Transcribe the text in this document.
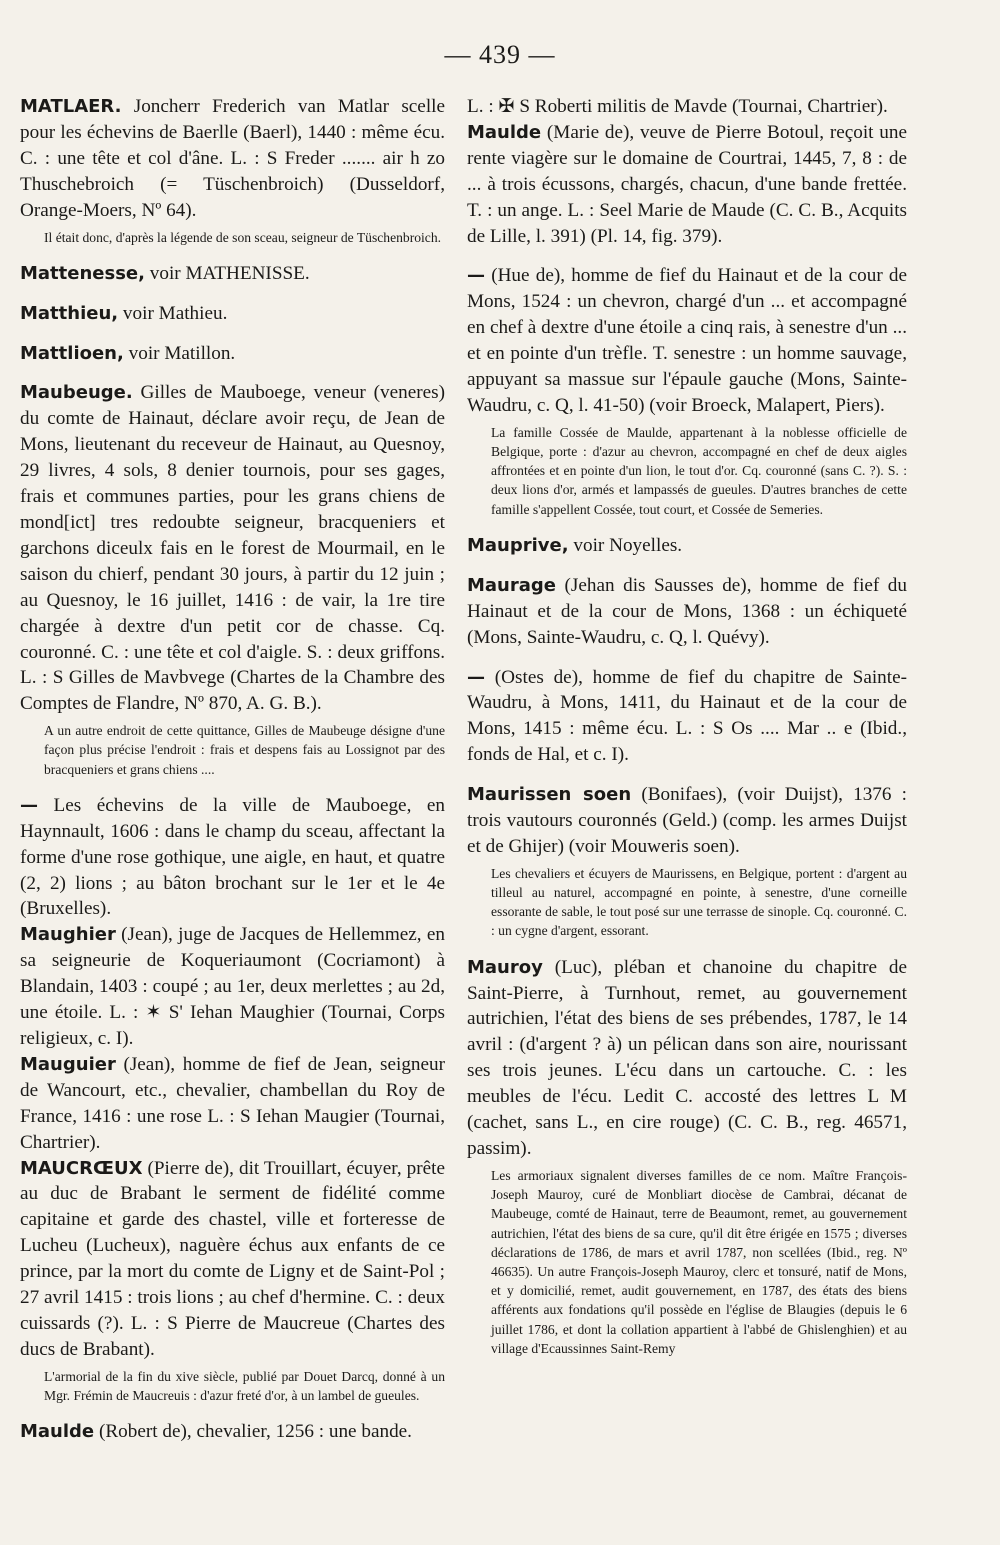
— 439 —

MATLAER. Joncherr Frederich van Matlar scelle pour les échevins de Baerlle (Baerl), 1440 : même écu. C. : une tête et col d'âne. L. : S Freder ....... air h zo Thuschebroich (= Tüschenbroich) (Dusseldorf, Orange-Moers, Nº 64).

Il était donc, d'après la légende de son sceau, seigneur de Tüschenbroich.

Mattenesse, voir MATHENISSE.

Matthieu, voir Mathieu.

Mattlioen, voir Matillon.

Maubeuge. Gilles de Mauboege, veneur (veneres) du comte de Hainaut, déclare avoir reçu, de Jean de Mons, lieutenant du receveur de Hainaut, au Quesnoy, 29 livres, 4 sols, 8 denier tournois, pour ses gages, frais et communes parties, pour les grans chiens de mond[ict] tres redoubte seigneur, bracqueniers et garchons diceulx fais en le forest de Mourmail, en le saison du chierf, pendant 30 jours, à partir du 12 juin ; au Quesnoy, le 16 juillet, 1416 : de vair, la 1re tire chargée à dextre d'un petit cor de chasse. Cq. couronné. C. : une tête et col d'aigle. S. : deux griffons. L. : S Gilles de Mavbvege (Chartes de la Chambre des Comptes de Flandre, Nº 870, A. G. B.).

A un autre endroit de cette quittance, Gilles de Maubeuge désigne d'une façon plus précise l'endroit : frais et despens fais au Lossignot par des bracqueniers et grans chiens ....

— Les échevins de la ville de Mauboege, en Haynnault, 1606 : dans le champ du sceau, affectant la forme d'une rose gothique, une aigle, en haut, et quatre (2, 2) lions ; au bâton brochant sur le 1er et le 4e (Bruxelles).

Maughier (Jean), juge de Jacques de Hellemmez, en sa seigneurie de Koqueriaumont (Cocriamont) à Blandain, 1403 : coupé ; au 1er, deux merlettes ; au 2d, une étoile. L. : ✶ S' Iehan Maughier (Tournai, Corps religieux, c. I).

Mauguier (Jean), homme de fief de Jean, seigneur de Wancourt, etc., chevalier, chambellan du Roy de France, 1416 : une rose L. : S Iehan Maugier (Tournai, Chartrier).

MAUCRŒUX (Pierre de), dit Trouillart, écuyer, prête au duc de Brabant le serment de fidélité comme capitaine et garde des chastel, ville et forteresse de Lucheu (Lucheux), naguère échus aux enfants de ce prince, par la mort du comte de Ligny et de Saint-Pol ; 27 avril 1415 : trois lions ; au chef d'hermine. C. : deux cuissards (?). L. : S Pierre de Maucreue (Chartes des ducs de Brabant).

L'armorial de la fin du xive siècle, publié par Douet Darcq, donné à un Mgr. Frémin de Maucreuis : d'azur freté d'or, à un lambel de gueules.

Maulde (Robert de), chevalier, 1256 : une bande.

L. : ✠ S Roberti militis de Mavde (Tournai, Chartrier).

Maulde (Marie de), veuve de Pierre Botoul, reçoit une rente viagère sur le domaine de Courtrai, 1445, 7, 8 : de ... à trois écussons, chargés, chacun, d'une bande frettée. T. : un ange. L. : Seel Marie de Maude (C. C. B., Acquits de Lille, l. 391) (Pl. 14, fig. 379).

— (Hue de), homme de fief du Hainaut et de la cour de Mons, 1524 : un chevron, chargé d'un ... et accompagné en chef à dextre d'une étoile a cinq rais, à senestre d'un ... et en pointe d'un trèfle. T. senestre : un homme sauvage, appuyant sa massue sur l'épaule gauche (Mons, Sainte-Waudru, c. Q, l. 41-50) (voir Broeck, Malapert, Piers).

La famille Cossée de Maulde, appartenant à la noblesse officielle de Belgique, porte : d'azur au chevron, accompagné en chef de deux aigles affrontées et en pointe d'un lion, le tout d'or. Cq. couronné (sans C. ?). S. : deux lions d'or, armés et lampassés de gueules. D'autres branches de cette famille s'appellent Cossée, tout court, et Cossée de Semeries.

Mauprive, voir Noyelles.

Maurage (Jehan dis Sausses de), homme de fief du Hainaut et de la cour de Mons, 1368 : un échiqueté (Mons, Sainte-Waudru, c. Q, l. Quévy).

— (Ostes de), homme de fief du chapitre de Sainte-Waudru, à Mons, 1411, du Hainaut et de la cour de Mons, 1415 : même écu. L. : S Os .... Mar .. e (Ibid., fonds de Hal, et c. I).

Maurissen soen (Bonifaes), (voir Duijst), 1376 : trois vautours couronnés (Geld.) (comp. les armes Duijst et de Ghijer) (voir Mouweris soen).

Les chevaliers et écuyers de Maurissens, en Belgique, portent : d'argent au tilleul au naturel, accompagné en pointe, à senestre, d'une corneille essorante de sable, le tout posé sur une terrasse de sinople. Cq. couronné. C. : un cygne d'argent, essorant.

Mauroy (Luc), pléban et chanoine du chapitre de Saint-Pierre, à Turnhout, remet, au gouvernement autrichien, l'état des biens de ses prébendes, 1787, le 14 avril : (d'argent ? à) un pélican dans son aire, nourissant ses trois jeunes. L'écu dans un cartouche. C. : les meubles de l'écu. Ledit C. accosté des lettres L M (cachet, sans L., en cire rouge) (C. C. B., reg. 46571, passim).

Les armoriaux signalent diverses familles de ce nom. Maître François-Joseph Mauroy, curé de Monbliart diocèse de Cambrai, décanat de Maubeuge, comté de Hainaut, terre de Beaumont, remet, au gouvernement autrichien, l'état des biens de sa cure, qu'il dit être érigée en 1575 ; diverses déclarations de 1786, de mars et avril 1787, non scellées (Ibid., reg. Nº 46635). Un autre François-Joseph Mauroy, clerc et tonsuré, natif de Mons, et y domicilié, remet, audit gouvernement, en 1787, des états des biens afférents aux fondations qu'il possède en l'église de Blaugies (depuis le 6 juillet 1786, et dont la collation appartient à l'abbé de Ghislenghien) et au village d'Ecaussinnes Saint-Remy
